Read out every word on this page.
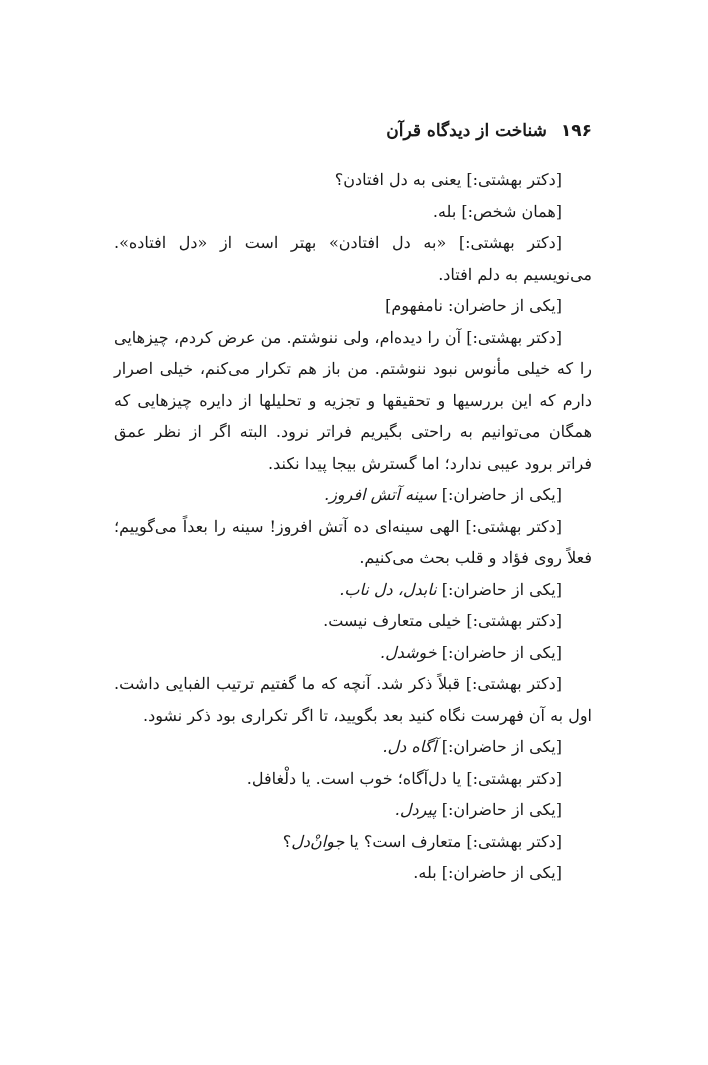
۱۹۶
شناخت از دیدگاه قرآن

[دکتر بهشتی:] یعنی به دل افتادن؟

[همان شخص:] بله.

[دکتر بهشتی:] «به دل افتادن» بهتر است از «دل افتاده». می‌نویسیم به دلم افتاد.

[یکی از حاضران: نامفهوم]

[دکتر بهشتی:] آن را دیده‌ام، ولی ننوشتم. من عرض کردم، چیزهایی را که خیلی مأنوس نبود ننوشتم. من باز هم تکرار می‌کنم، خیلی اصرار دارم که این بررسیها و تحقیقها و تجزیه و تحلیلها از دایره چیزهایی که همگان می‌توانیم به راحتی بگیریم فراتر نرود. البته اگر از نظر عمق فراتر برود عیبی ندارد؛ اما گسترش بیجا پیدا نکند.

[یکی از حاضران:] سینه آتش افروز.

[دکتر بهشتی:] الهی سینه‌ای ده آتش افروز! سینه را بعداً می‌گوییم؛ فعلاً روی فؤاد و قلب بحث می‌کنیم.

[یکی از حاضران:] نابدل، دل ناب.

[دکتر بهشتی:] خیلی متعارف نیست.

[یکی از حاضران:] خوشدل.

[دکتر بهشتی:] قبلاً ذکر شد. آنچه که ما گفتیم ترتیب الفبایی داشت. اول به آن فهرست نگاه کنید بعد بگویید، تا اگر تکراری بود ذکر نشود.

[یکی از حاضران:] آگاه دل.

[دکتر بهشتی:] یا دل‌آگاه؛ خوب است. یا دلْغافل.

[یکی از حاضران:] پیردل.

[دکتر بهشتی:] متعارف است؟ یا جوانْ‌دل؟

[یکی از حاضران:] بله.
